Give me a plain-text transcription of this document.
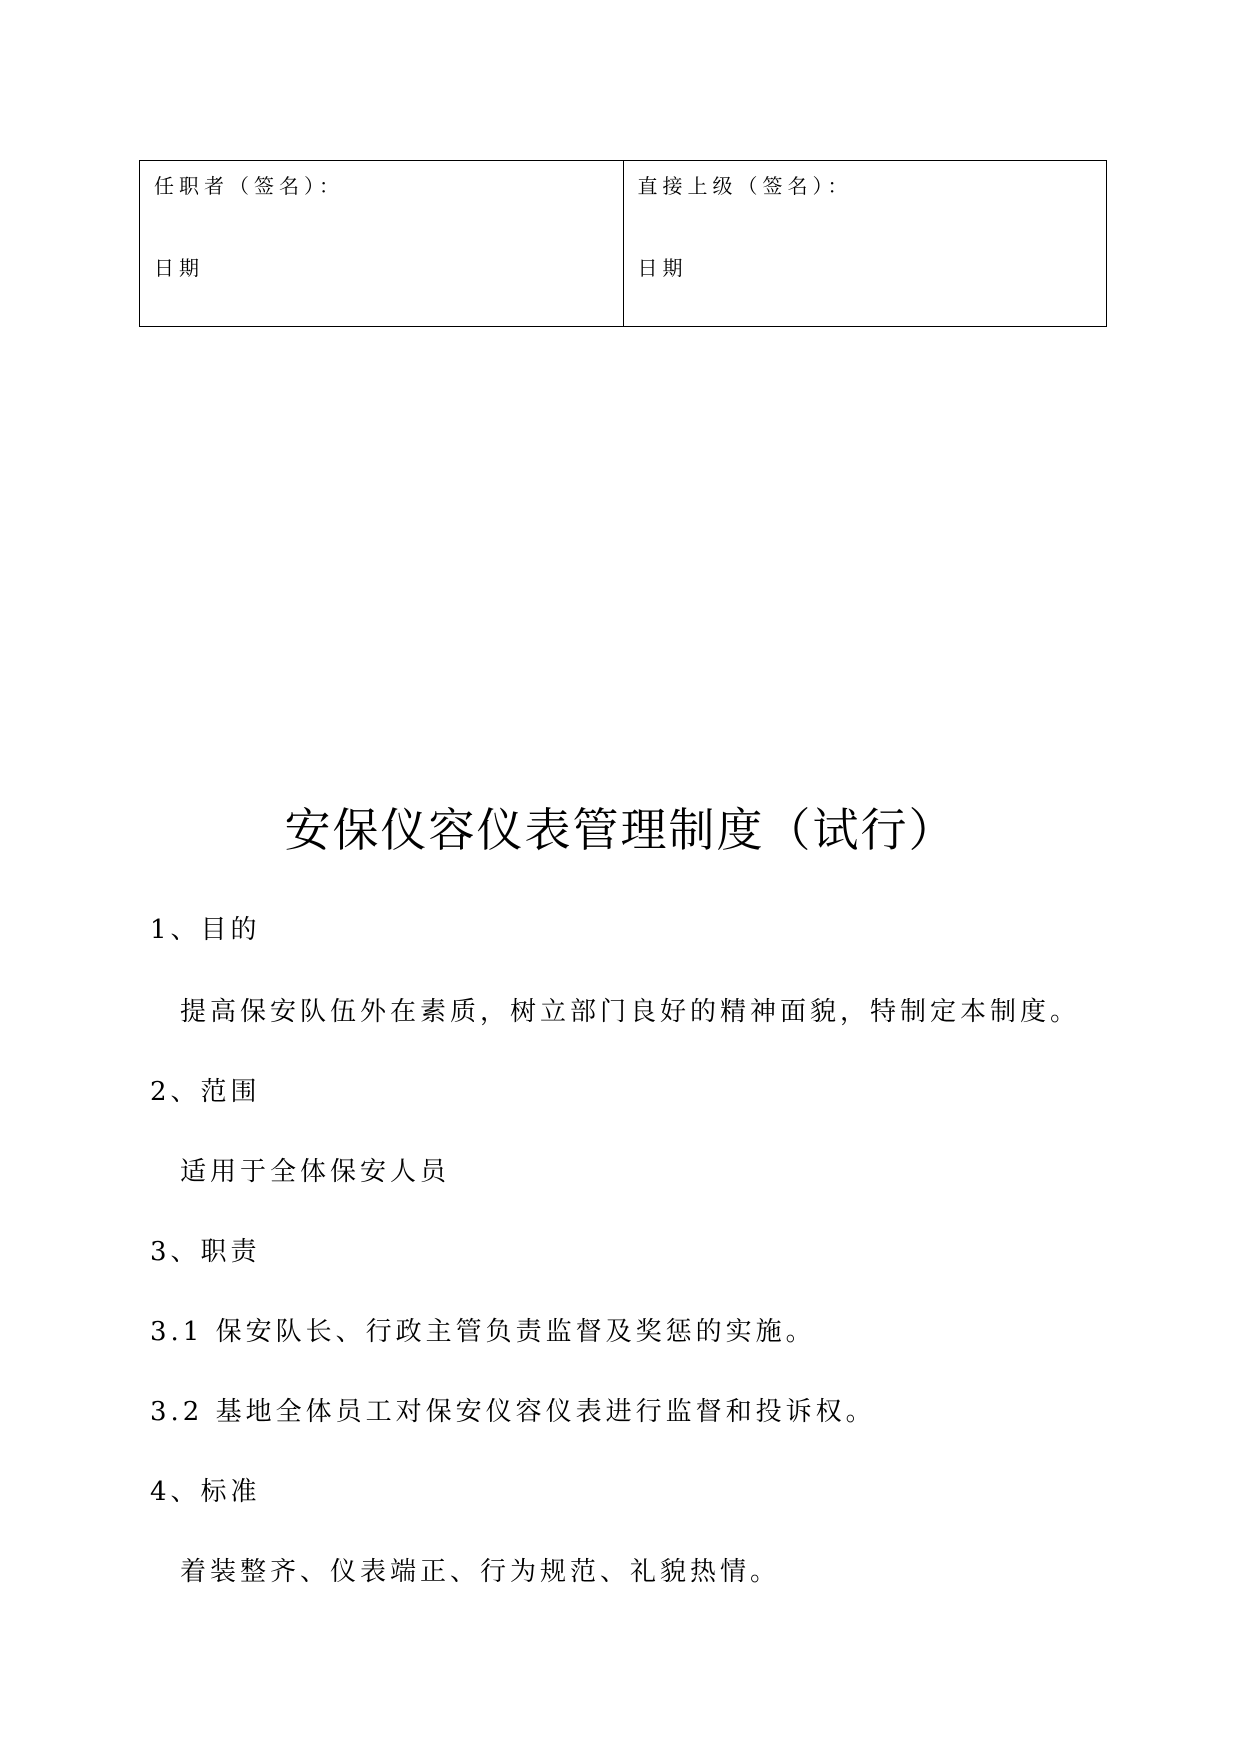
任职者（签名）：
日期
直接上级（签名）：
日期
安保仪容仪表管理制度（试行）
1、目的
提高保安队伍外在素质，树立部门良好的精神面貌，特制定本制度。
2、范围
适用于全体保安人员
3、职责
3.1 保安队长、行政主管负责监督及奖惩的实施。
3.2 基地全体员工对保安仪容仪表进行监督和投诉权。
4、标准
着装整齐、仪表端正、行为规范、礼貌热情。
